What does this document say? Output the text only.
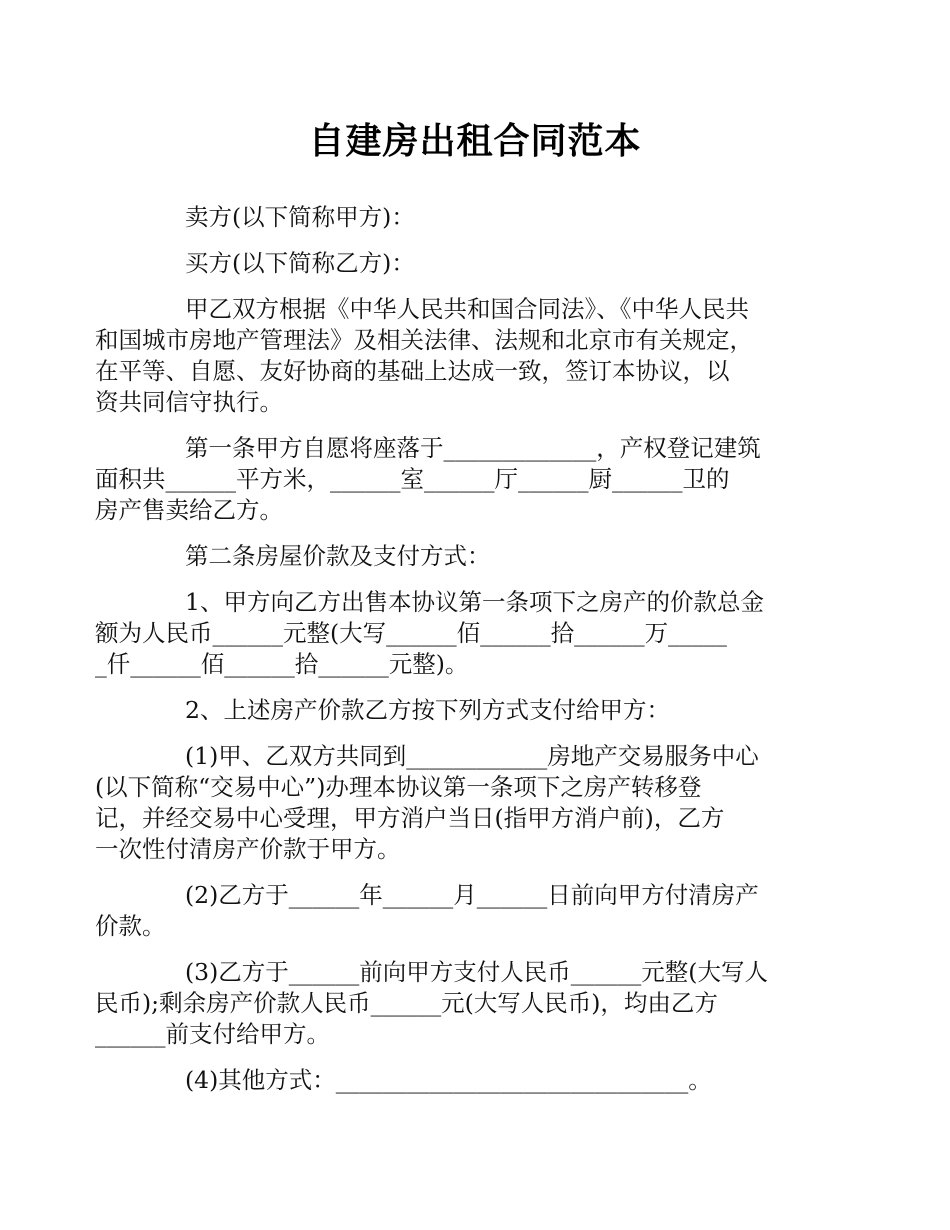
自建房出租合同范本

卖方(以下简称甲方)：

买方(以下简称乙方)：

甲乙双方根据《中华人民共和国合同法》、《中华人民共
和国城市房地产管理法》及相关法律、法规和北京市有关规定，
在平等、自愿、友好协商的基础上达成一致，签订本协议，以
资共同信守执行。

第一条甲方自愿将座落于_____________，产权登记建筑
面积共______平方米，______室______厅______厨______卫的
房产售卖给乙方。

第二条房屋价款及支付方式：

1、甲方向乙方出售本协议第一条项下之房产的价款总金
额为人民币______元整(大写______佰______拾______万_____
_仟______佰______拾______元整)。

2、上述房产价款乙方按下列方式支付给甲方：

(1)甲、乙双方共同到____________房地产交易服务中心
(以下简称“交易中心”)办理本协议第一条项下之房产转移登
记，并经交易中心受理，甲方消户当日(指甲方消户前)，乙方
一次性付清房产价款于甲方。

(2)乙方于______年______月______日前向甲方付清房产
价款。

(3)乙方于______前向甲方支付人民币______元整(大写人
民币);剩余房产价款人民币______元(大写人民币)，均由乙方
______前支付给甲方。

(4)其他方式：______________________________。
